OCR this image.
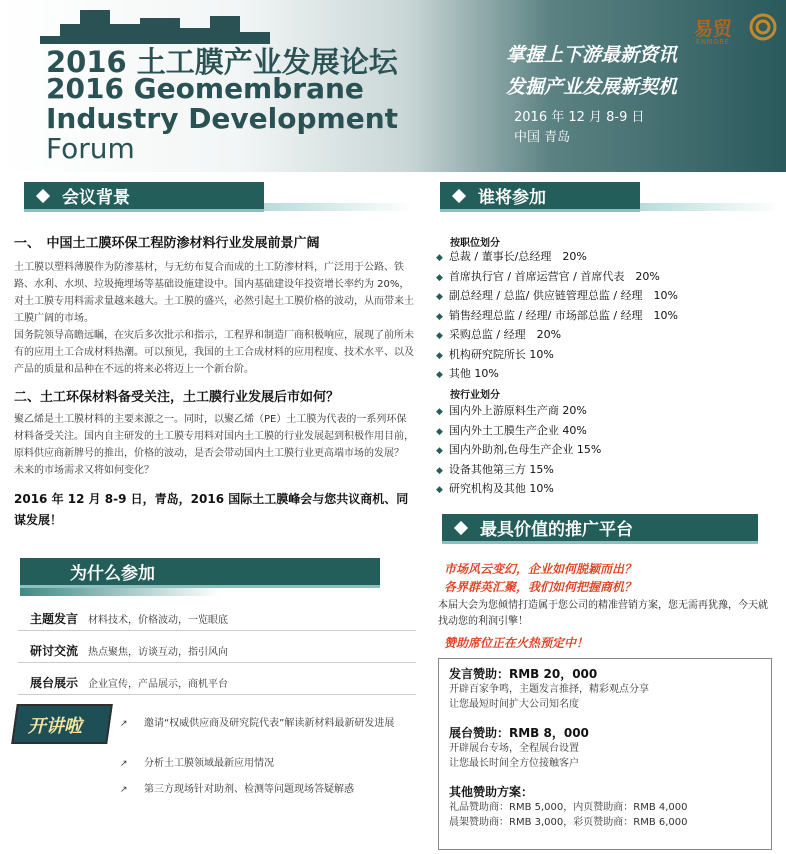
2016 土工膜产业发展论坛
2016 Geomembrane
Industry Development
Forum
掌握上下游最新资讯
发掘产业发展新契机
2016 年 12 月 8-9 日
中国 青岛
易贸
ENMORE
会议背景
一、　中国土工膜环保工程防渗材料行业发展前景广阔
土工膜以塑料薄膜作为防渗基材，与无纺布复合而成的土工防渗材料，广泛用于公路、铁路、水利、水坝、垃圾掩埋场等基础设施建设中。国内基础建设年投资增长率约为 20%，对土工膜专用料需求量越来越大。土工膜的盛兴，必然引起土工膜价格的波动，从而带来土工膜广阔的市场。
国务院领导高瞻远瞩，在灾后多次批示和指示，工程界和制造厂商积极响应，展现了前所未有的应用土工合成材料热潮。可以预见，我国的土工合成材料的应用程度、技术水平、以及产品的质量和品种在不远的将来必将迈上一个新台阶。
二、土工环保材料备受关注，土工膜行业发展后市如何？
聚乙烯是土工膜材料的主要来源之一。同时，以聚乙烯（PE）土工膜为代表的一系列环保材料备受关注。国内自主研发的土工膜专用料对国内土工膜的行业发展起到积极作用目前，原料供应商新牌号的推出，价格的波动，是否会带动国内土工膜行业更高端市场的发展？ 未来的市场需求又将如何变化？
2016 年 12 月 8-9 日，青岛，2016 国际土工膜峰会与您共议商机、同谋发展！
为什么参加
主题发言 材料技术，价格波动，一览眼底
研讨交流 热点聚焦，访谈互动，指引风向
展台展示 企业宣传，产品展示，商机平台
开讲啦	↗ 邀请“权威供应商及研究院代表”解读新材料最新研发进展
↗ 分析土工膜领域最新应用情况
↗ 第三方现场针对助剂、检测等问题现场答疑解惑
谁将参加
按职位划分
◆ 总裁 / 董事长/总经理　20%
◆ 首席执行官 / 首席运营官 / 首席代表　20%
◆ 副总经理 / 总监/ 供应链管理总监 / 经理　10%
◆ 销售经理总监 / 经理/ 市场部总监 / 经理　10%
◆ 采购总监 / 经理　20%
◆ 机构研究院所长 10%
◆ 其他 10%
按行业划分
◆ 国内外上游原料生产商 20%
◆ 国内外土工膜生产企业 40%
◆ 国内外助剂,色母生产企业 15%
◆ 设备其他第三方 15%
◆ 研究机构及其他 10%
最具价值的推广平台
市场风云变幻，企业如何脱颖而出？
各界群英汇聚，我们如何把握商机？
本届大会为您倾情打造属于您公司的精准营销方案，您无需再犹豫，今天就找动您的利润引擎！
赞助席位正在火热预定中！
发言赞助：RMB 20，000
开辟百家争鸣，主题发言推择，精彩观点分享
让您最短时间扩大公司知名度
展台赞助：RMB 8，000
开辟展台专场，全程展台设置
让您最长时间全方位接触客户
其他赞助方案：
礼品赞助商：RMB 5,000，内页赞助商：RMB 4,000
晨架赞助商：RMB 3,000，彩页赞助商：RMB 6,000
